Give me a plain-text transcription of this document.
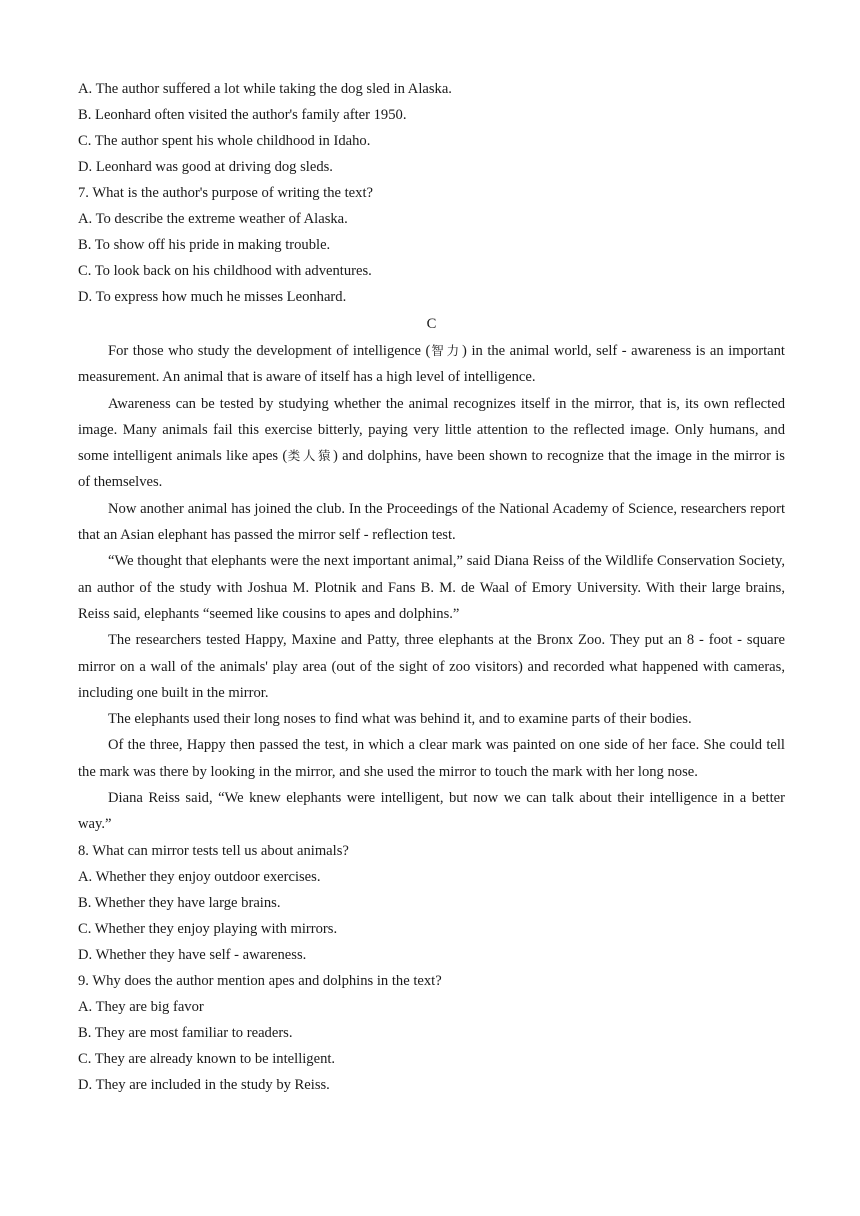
A. The author suffered a lot while taking the dog sled in Alaska.

B. Leonhard often visited the author's family after 1950.

C. The author spent his whole childhood in Idaho.

D. Leonhard was good at driving dog sleds.

7. What is the author's purpose of writing the text?

A. To describe the extreme weather of Alaska.

B. To show off his pride in making trouble.

C. To look back on his childhood with adventures.

D. To express how much he misses Leonhard.

C

For those who study the development of intelligence (智力) in the animal world, self - awareness is an important measurement. An animal that is aware of itself has a high level of intelligence.

Awareness can be tested by studying whether the animal recognizes itself in the mirror, that is, its own reflected image. Many animals fail this exercise bitterly, paying very little attention to the reflected image. Only humans, and some intelligent animals like apes (类人猿) and dolphins, have been shown to recognize that the image in the mirror is of themselves.

Now another animal has joined the club. In the Proceedings of the National Academy of Science, researchers report that an Asian elephant has passed the mirror self - reflection test.

“We thought that elephants were the next important animal,” said Diana Reiss of the Wildlife Conservation Society, an author of the study with Joshua M. Plotnik and Fans B. M. de Waal of Emory University. With their large brains, Reiss said, elephants “seemed like cousins to apes and dolphins.”

The researchers tested Happy, Maxine and Patty, three elephants at the Bronx Zoo. They put an 8 - foot - square mirror on a wall of the animals' play area (out of the sight of zoo visitors) and recorded what happened with cameras, including one built in the mirror.

The elephants used their long noses to find what was behind it, and to examine parts of their bodies.

Of the three, Happy then passed the test, in which a clear mark was painted on one side of her face. She could tell the mark was there by looking in the mirror, and she used the mirror to touch the mark with her long nose.

Diana Reiss said, “We knew elephants were intelligent, but now we can talk about their intelligence in a better way.”

8. What can mirror tests tell us about animals?

A. Whether they enjoy outdoor exercises.

B. Whether they have large brains.

C. Whether they enjoy playing with mirrors.

D. Whether they have self - awareness.

9. Why does the author mention apes and dolphins in the text?

A. They are big favor

B. They are most familiar to readers.

C. They are already known to be intelligent.

D. They are included in the study by Reiss.
